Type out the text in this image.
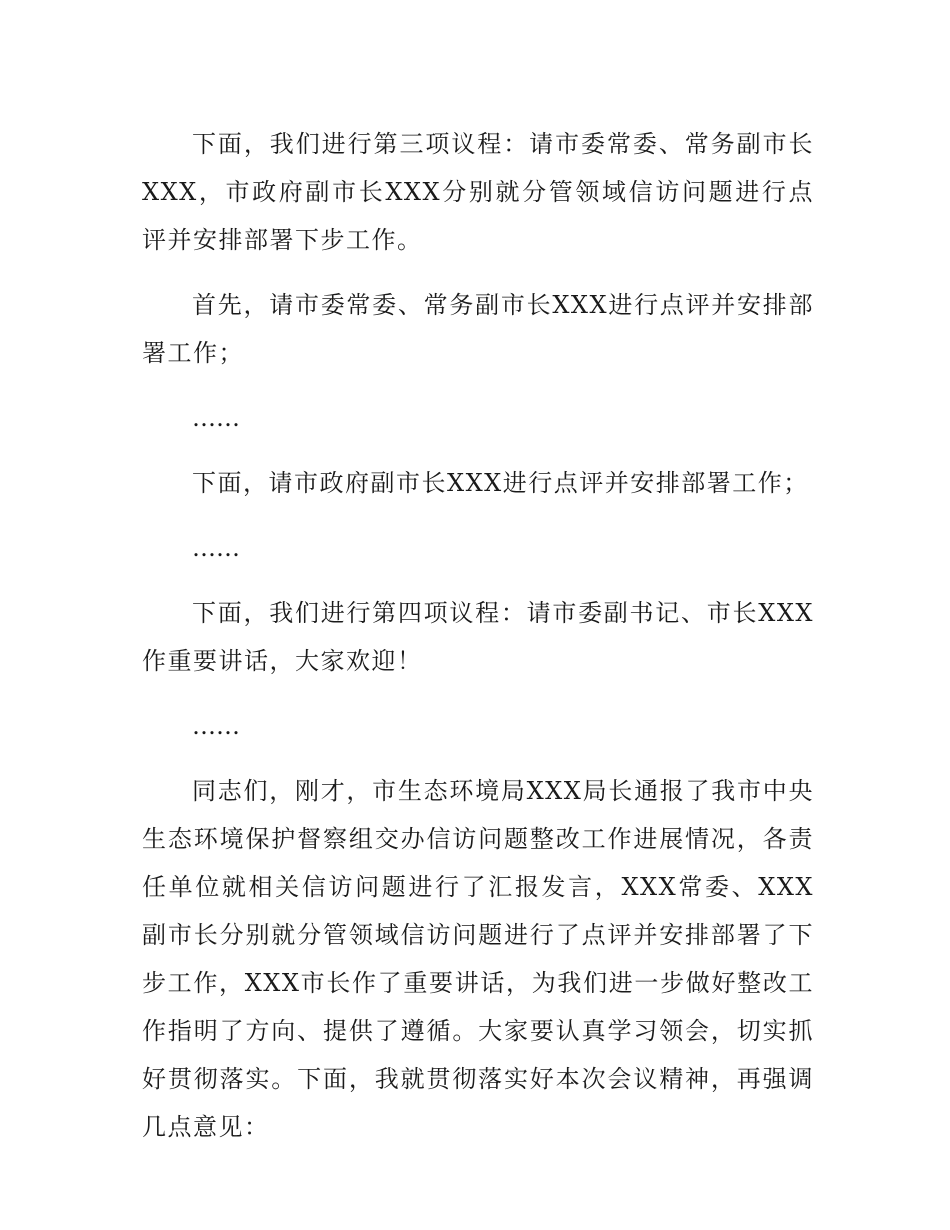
下面，我们进行第三项议程：请市委常委、常务副市长XXX，市政府副市长XXX分别就分管领域信访问题进行点评并安排部署下步工作。

首先，请市委常委、常务副市长XXX进行点评并安排部署工作；

……

下面，请市政府副市长XXX进行点评并安排部署工作；

……

下面，我们进行第四项议程：请市委副书记、市长XXX作重要讲话，大家欢迎！

……

同志们，刚才，市生态环境局XXX局长通报了我市中央生态环境保护督察组交办信访问题整改工作进展情况，各责任单位就相关信访问题进行了汇报发言，XXX常委、XXX副市长分别就分管领域信访问题进行了点评并安排部署了下步工作，XXX市长作了重要讲话，为我们进一步做好整改工作指明了方向、提供了遵循。大家要认真学习领会，切实抓好贯彻落实。下面，我就贯彻落实好本次会议精神，再强调几点意见：
